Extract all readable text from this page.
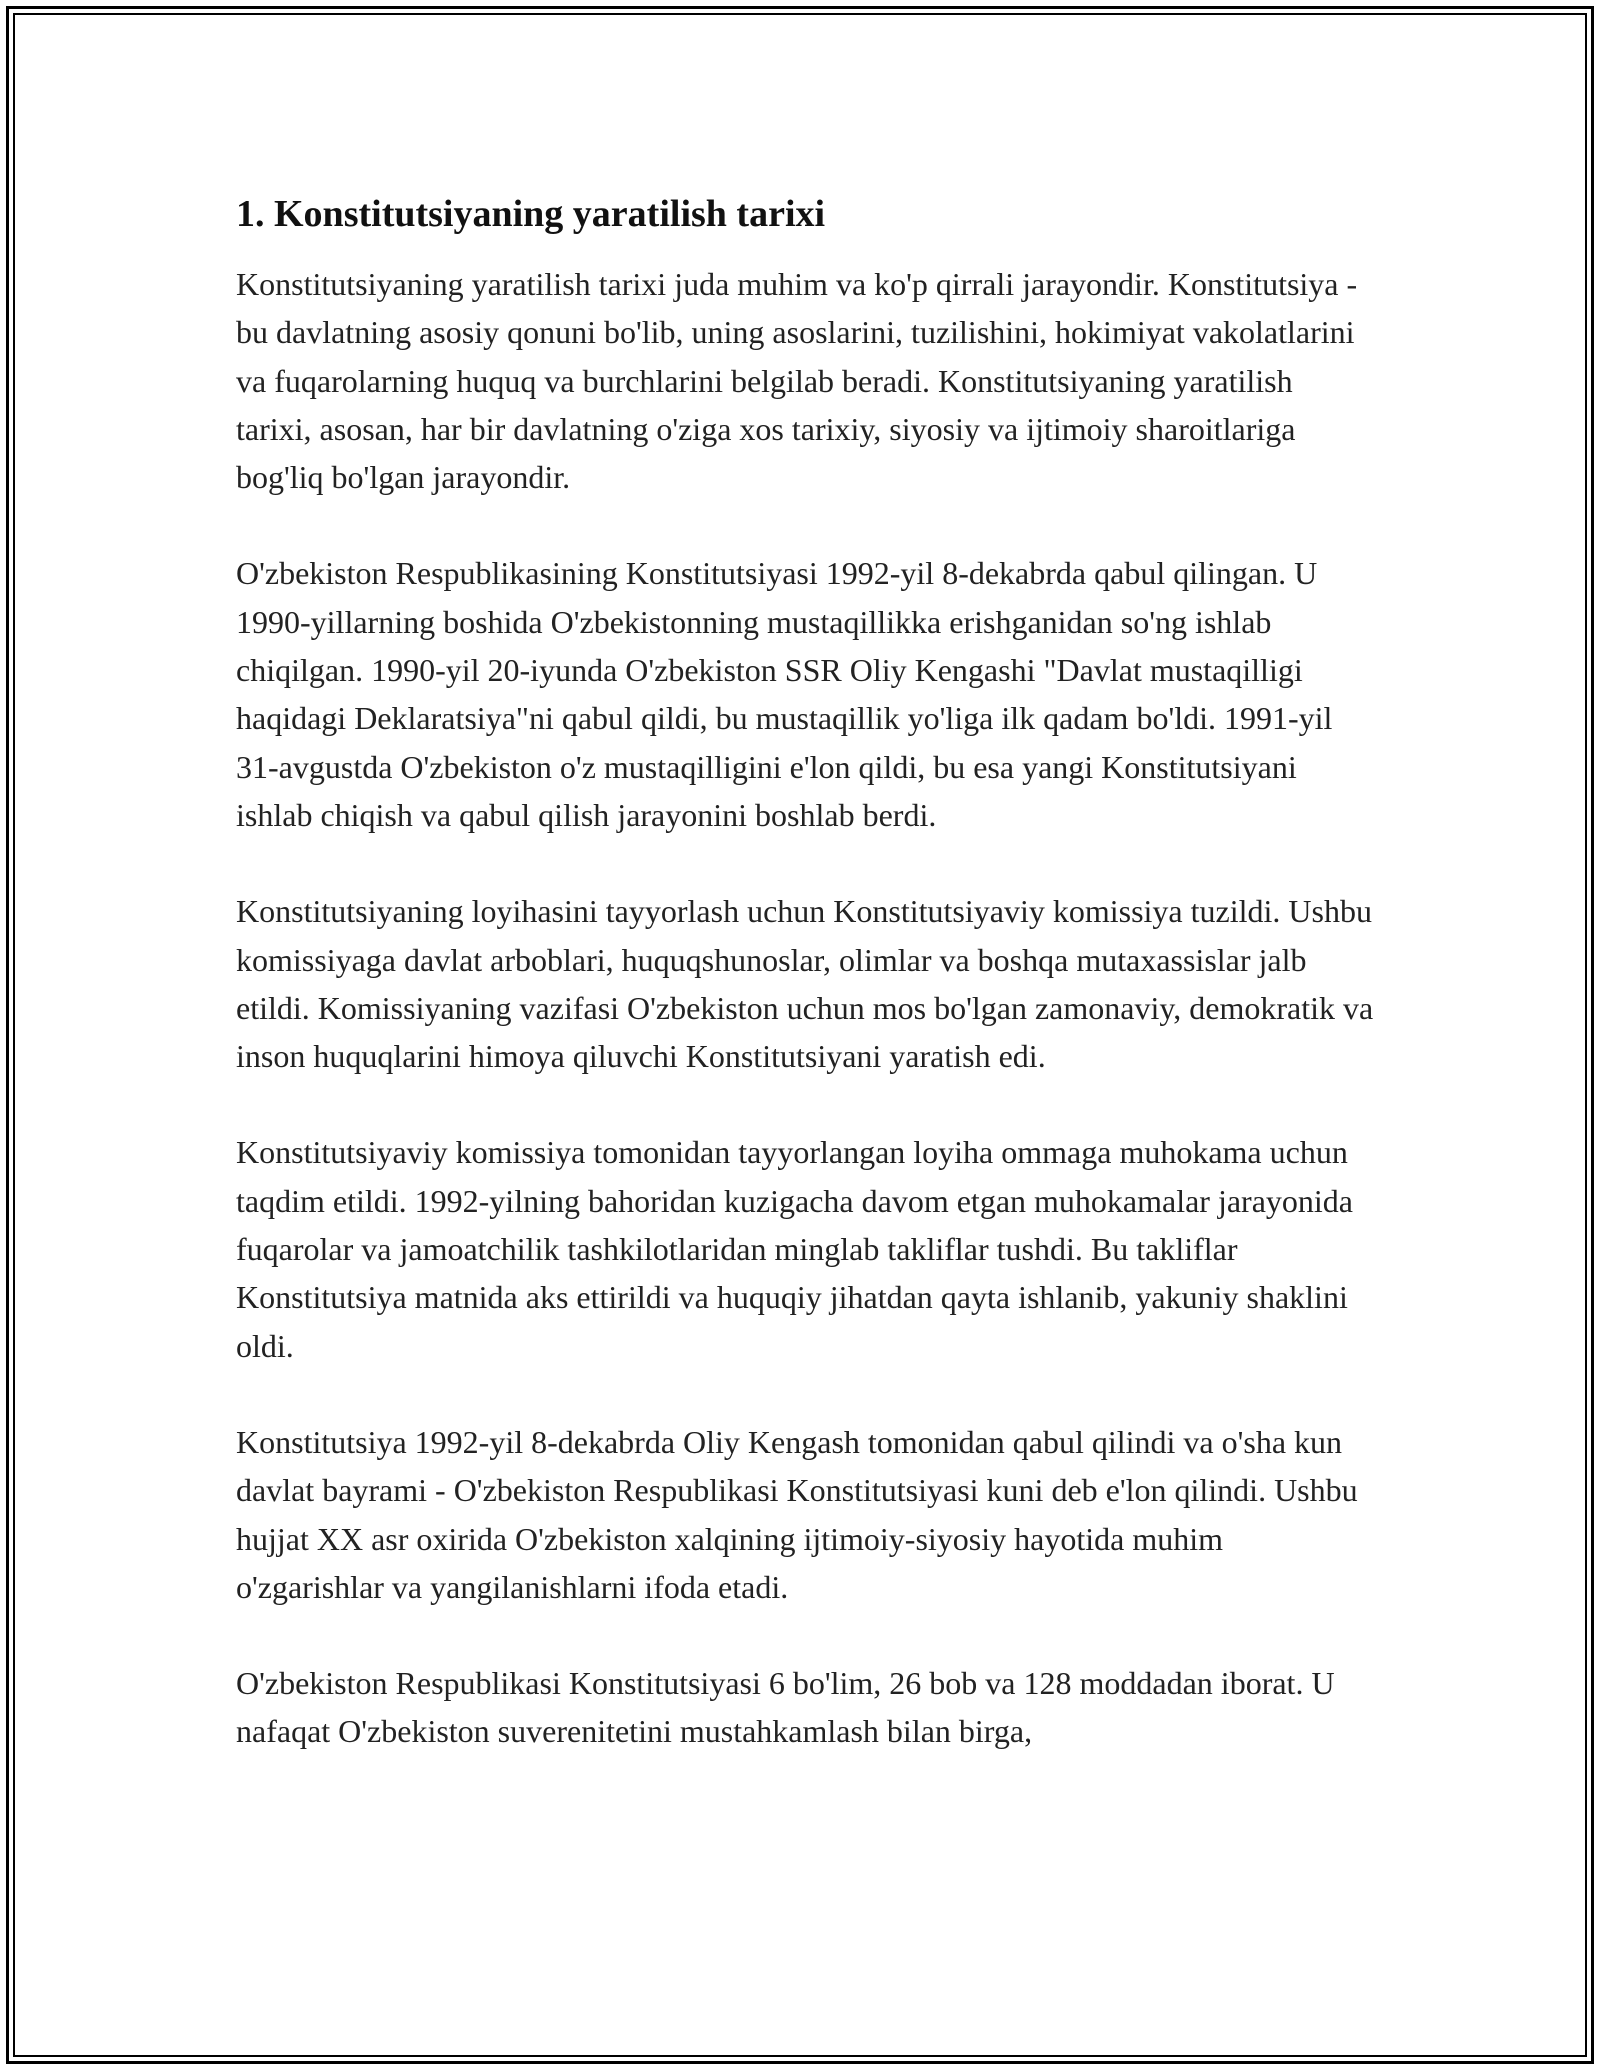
1. Konstitutsiyaning yaratilish tarixi

Konstitutsiyaning yaratilish tarixi juda muhim va ko'p qirrali jarayondir. Konstitutsiya - bu davlatning asosiy qonuni bo'lib, uning asoslarini, tuzilishini, hokimiyat vakolatlarini va fuqarolarning huquq va burchlarini belgilab beradi. Konstitutsiyaning yaratilish tarixi, asosan, har bir davlatning o'ziga xos tarixiy, siyosiy va ijtimoiy sharoitlariga bog'liq bo'lgan jarayondir.

O'zbekiston Respublikasining Konstitutsiyasi 1992-yil 8-dekabrda qabul qilingan. U 1990-yillarning boshida O'zbekistonning mustaqillikka erishganidan so'ng ishlab chiqilgan. 1990-yil 20-iyunda O'zbekiston SSR Oliy Kengashi "Davlat mustaqilligi haqidagi Deklaratsiya"ni qabul qildi, bu mustaqillik yo'liga ilk qadam bo'ldi. 1991-yil 31-avgustda O'zbekiston o'z mustaqilligini e'lon qildi, bu esa yangi Konstitutsiyani ishlab chiqish va qabul qilish jarayonini boshlab berdi.

Konstitutsiyaning loyihasini tayyorlash uchun Konstitutsiyaviy komissiya tuzildi. Ushbu komissiyaga davlat arboblari, huquqshunoslar, olimlar va boshqa mutaxassislar jalb etildi. Komissiyaning vazifasi O'zbekiston uchun mos bo'lgan zamonaviy, demokratik va inson huquqlarini himoya qiluvchi Konstitutsiyani yaratish edi.

Konstitutsiyaviy komissiya tomonidan tayyorlangan loyiha ommaga muhokama uchun taqdim etildi. 1992-yilning bahoridan kuzigacha davom etgan muhokamalar jarayonida fuqarolar va jamoatchilik tashkilotlaridan minglab takliflar tushdi. Bu takliflar Konstitutsiya matnida aks ettirildi va huquqiy jihatdan qayta ishlanib, yakuniy shaklini oldi.

Konstitutsiya 1992-yil 8-dekabrda Oliy Kengash tomonidan qabul qilindi va o'sha kun davlat bayrami - O'zbekiston Respublikasi Konstitutsiyasi kuni deb e'lon qilindi. Ushbu hujjat XX asr oxirida O'zbekiston xalqining ijtimoiy-siyosiy hayotida muhim o'zgarishlar va yangilanishlarni ifoda etadi.

O'zbekiston Respublikasi Konstitutsiyasi 6 bo'lim, 26 bob va 128 moddadan iborat. U nafaqat O'zbekiston suverenitetini mustahkamlash bilan birga,
